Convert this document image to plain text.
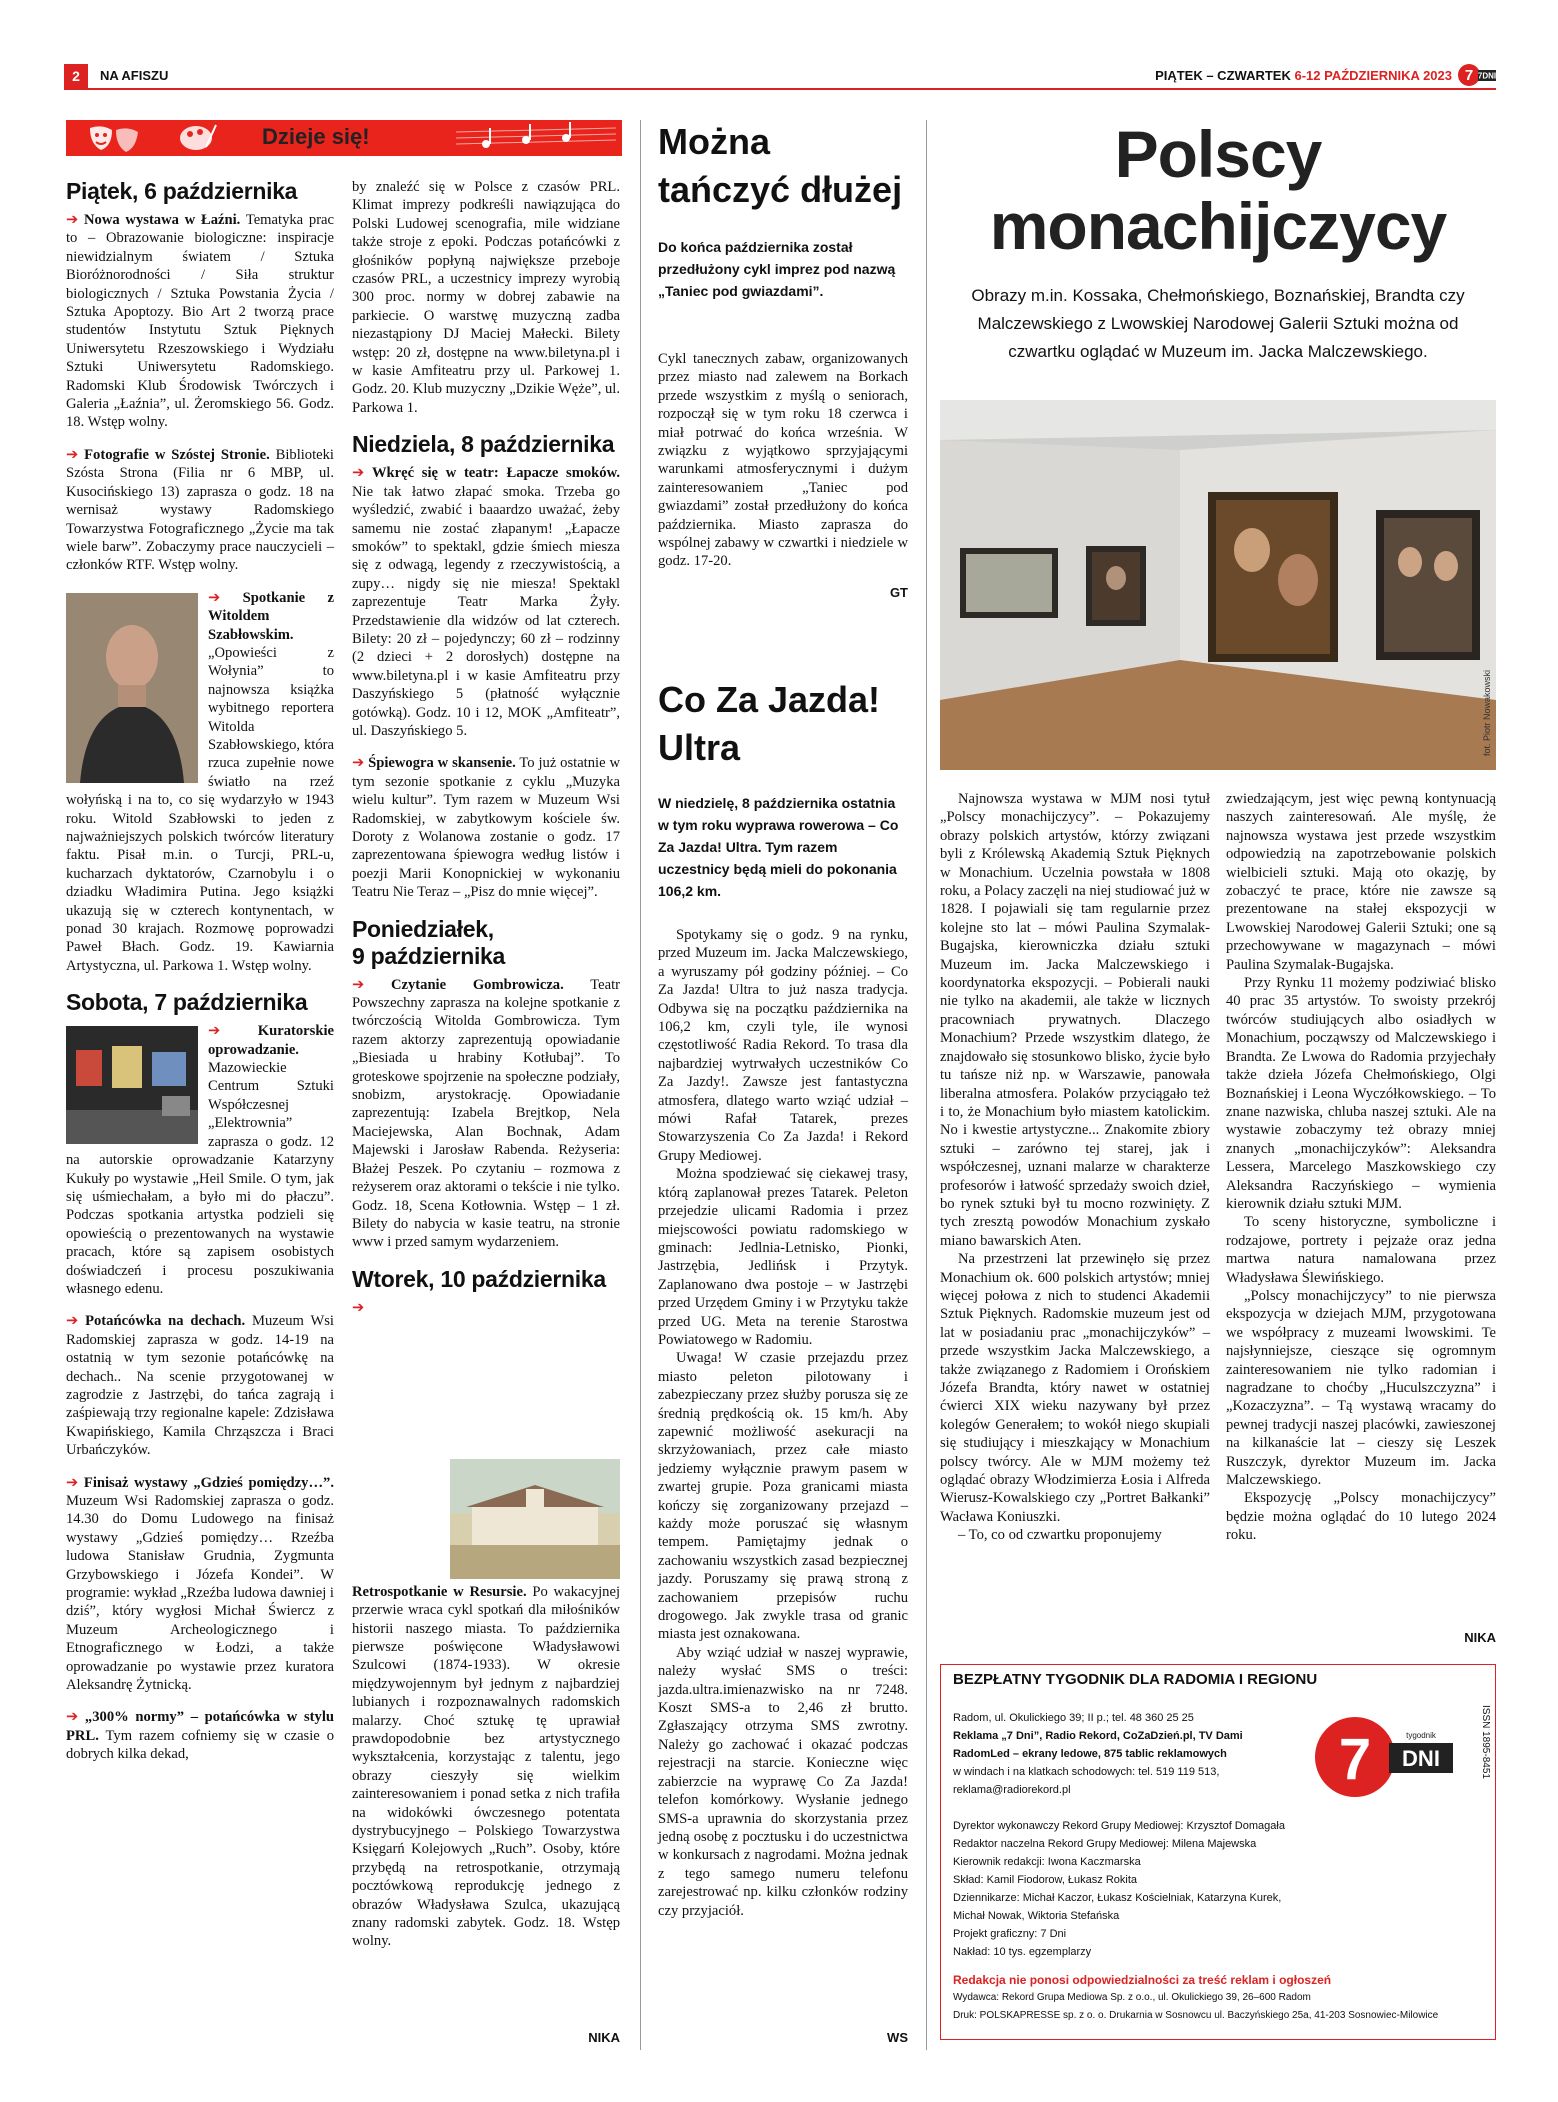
2	NA AFISZU	PIĄTEK – CZWARTEK 6-12 PAŹDZIERNIKA 2023 7 7DNI
Dzieje się!
Piątek, 6 października

➔ Nowa wystawa w Łaźni. Tematyka prac to – Obrazowanie biologiczne: inspiracje niewidzialnym światem / Sztuka Bioróżnorodności / Siła struktur biologicznych / Sztuka Powstania Życia / Sztuka Apoptozy. Bio Art 2 tworzą prace studentów Instytutu Sztuk Pięknych Uniwersytetu Rzeszowskiego i Wydziału Sztuki Uniwersytetu Radomskiego. Radomski Klub Środowisk Twórczych i Galeria „Łaźnia”, ul. Żeromskiego 56. Godz. 18. Wstęp wolny.

➔ Fotografie w Szóstej Stronie. Biblioteki Szósta Strona (Filia nr 6 MBP, ul. Kusocińskiego 13) zaprasza o godz. 18 na wernisaż wystawy Radomskiego Towarzystwa Fotograficznego „Życie ma tak wiele barw”. Zobaczymy prace nauczycieli – członków RTF. Wstęp wolny.

➔ Spotkanie z Witoldem Szabłowskim. „Opowieści z Wołynia” to najnowsza książka wybitnego reportera Witolda Szabłowskiego, która rzuca zupełnie nowe światło na rzeź wołyńską i na to, co się wydarzyło w 1943 roku. Witold Szabłowski to jeden z najważniejszych polskich twórców literatury faktu. Pisał m.in. o Turcji, PRL-u, kucharzach dyktatorów, Czarnobylu i o dziadku Władimira Putina. Jego książki ukazują się w czterech kontynentach, w ponad 30 krajach. Rozmowę poprowadzi Paweł Błach. Godz. 19. Kawiarnia Artystyczna, ul. Parkowa 1. Wstęp wolny.

Sobota, 7 października

➔	Kuratorskie oprowadzanie. Mazowieckie Centrum Sztuki Współczesnej „Elektrownia” zaprasza o godz. 12 na autorskie oprowadzanie Katarzyny Kukuły po wystawie „Heil Smile. O tym, jak się uśmiechałam, a było mi do płaczu”. Podczas spotkania artystka podzieli się opowieścią o prezentowanych na wystawie pracach, które są zapisem osobistych doświadczeń i procesu poszukiwania własnego edenu.

➔ Potańcówka na dechach. Muzeum Wsi Radomskiej zaprasza w godz. 14-19 na ostatnią w tym sezonie potańcówkę na dechach.. Na scenie przygotowanej w zagrodzie z Jastrzębi, do tańca zagrają i zaśpiewają trzy regionalne kapele: Zdzisława Kwapińskiego, Kamila Chrząszcza i Braci Urbańczyków.

➔ Finisaż wystawy „Gdzieś pomiędzy…”. Muzeum Wsi Radomskiej zaprasza o godz. 14.30 do Domu Ludowego na finisaż wystawy „Gdzieś pomiędzy… Rzeźba ludowa Stanisław Grudnia, Zygmunta Grzybowskiego i Józefa Kondei”. W programie: wykład „Rzeźba ludowa dawniej i dziś”, który wygłosi Michał Świercz z Muzeum Archeologicznego i Etnograficznego w Łodzi, a także oprowadzanie po wystawie przez kuratora Aleksandrę Żytnicką.

➔ „300% normy” – potańcówka w stylu PRL. Tym razem cofniemy się w czasie o dobrych kilka dekad,

by znaleźć się w Polsce z czasów PRL. Klimat imprezy podkreśli nawiązująca do Polski Ludowej scenografia, mile widziane także stroje z epoki. Podczas potańcówki z głośników popłyną największe przeboje czasów PRL, a uczestnicy imprezy wyrobią 300 proc. normy w dobrej zabawie na parkiecie. O warstwę muzyczną zadba niezastąpiony DJ Maciej Małecki. Bilety wstęp: 20 zł, dostępne na www.biletyna.pl i w kasie Amfiteatru przy ul. Parkowej 1. Godz. 20. Klub muzyczny „Dzikie Węże”, ul. Parkowa 1.

Niedziela, 8 października

➔ Wkręć się w teatr: Łapacze smoków. Nie tak łatwo złapać smoka. Trzeba go wyśledzić, zwabić i baaardzo uważać, żeby samemu nie zostać złapanym! „Łapacze smoków” to spektakl, gdzie śmiech miesza się z odwagą, legendy z rzeczywistością, a zupy… nigdy się nie miesza! Spektakl zaprezentuje Teatr Marka Żyły. Przedstawienie dla widzów od lat czterech. Bilety: 20 zł – pojedynczy; 60 zł – rodzinny (2 dzieci + 2 dorosłych) dostępne na www.biletyna.pl i w kasie Amfiteatru przy Daszyńskiego 5 (płatność wyłącznie gotówką). Godz. 10 i 12, MOK „Amfiteatr”, ul. Daszyńskiego 5.

➔ Śpiewogra w skansenie. To już ostatnie w tym sezonie spotkanie z cyklu „Muzyka wielu kultur”. Tym razem w Muzeum Wsi Radomskiej, w zabytkowym kościele św. Doroty z Wolanowa zostanie o godz. 17 zaprezentowana śpiewogra według listów i poezji Marii Konopnickiej w wykonaniu Teatru Nie Teraz – „Pisz do mnie więcej”.

Poniedziałek,
9 października

➔ Czytanie Gombrowicza. Teatr Powszechny zaprasza na kolejne spotkanie z twórczością Witolda Gombrowicza. Tym razem aktorzy zaprezentują opowiadanie „Biesiada u hrabiny Kotłubaj”. To groteskowe spojrzenie na społeczne podziały, snobizm, arystokrację. Opowiadanie zaprezentują: Izabela Brejtkop, Nela Maciejewska, Alan Bochnak, Adam Majewski i Jarosław Rabenda. Reżyseria: Błażej Peszek. Po czytaniu – rozmowa z reżyserem oraz aktorami o tekście i nie tylko. Godz. 18, Scena Kotłownia. Wstęp – 1 zł. Bilety do nabycia w kasie teatru, na stronie www i przed samym wydarzeniem.

Wtorek, 10 października

➔ Retrospotkanie w Resursie. Po wakacyjnej przerwie wraca cykl spotkań dla miłośników historii naszego miasta. To października pierwsze poświęcone Władysławowi Szulcowi (1874-1933). W okresie międzywojennym był jednym z najbardziej lubianych i rozpoznawalnych radomskich malarzy. Choć sztukę tę uprawiał prawdopodobnie bez artystycznego wykształcenia, korzystając z talentu, jego obrazy cieszyły się wielkim zainteresowaniem i ponad setka z nich trafiła na widokówki ówczesnego potentata dystrybucyjnego – Polskiego Towarzystwa Księgarń Kolejowych „Ruch”. Osoby, które przybędą na retrospotkanie, otrzymają pocztówkową reprodukcję jednego z obrazów Władysława Szulca, ukazującą znany radomski zabytek. Godz. 18. Wstęp wolny.

NIKA
Można tańczyć dłużej
Do końca października został przedłużony cykl imprez pod nazwą „Taniec pod gwiazdami”.
Cykl tanecznych zabaw, organizowanych przez miasto nad zalewem na Borkach przede wszystkim z myślą o seniorach, rozpoczął się w tym roku 18 czerwca i miał potrwać do końca września. W związku z wyjątkowo sprzyjającymi warunkami atmosferycznymi i dużym zainteresowaniem „Taniec pod gwiazdami” został przedłużony do końca października. Miasto zaprasza do wspólnej zabawy w czwartki i niedziele w godz. 17-20.
GT
Co Za Jazda! Ultra
W niedzielę, 8 października ostatnia w tym roku wyprawa rowerowa – Co Za Jazda! Ultra. Tym razem uczestnicy będą mieli do pokonania 106,2 km.

Spotykamy się o godz. 9 na rynku, przed Muzeum im. Jacka Malczewskiego, a wyruszamy pół godziny później. – Co Za Jazda! Ultra to już nasza tradycja. Odbywa się na początku października na 106,2 km, czyli tyle, ile wynosi częstotliwość Radia Rekord. To trasa dla najbardziej wytrwałych uczestników Co Za Jazdy!. Zawsze jest fantastyczna atmosfera, dlatego warto wziąć udział – mówi Rafał Tatarek, prezes Stowarzyszenia Co Za Jazda! i Rekord Grupy Mediowej.

Można spodziewać się ciekawej trasy, którą zaplanował prezes Tatarek. Peleton przejedzie ulicami Radomia i przez miejscowości powiatu radomskiego w gminach: Jedlnia-Letnisko, Pionki, Jastrzębia, Jedlińsk i Przytyk. Zaplanowano dwa postoje – w Jastrzębi przed Urzędem Gminy i w Przytyku także przed UG. Meta na terenie Starostwa Powiatowego w Radomiu.

Uwaga! W czasie przejazdu przez miasto peleton pilotowany i zabezpieczany przez służby porusza się ze średnią prędkością ok. 15 km/h. Aby zapewnić możliwość asekuracji na skrzyżowaniach, przez całe miasto jedziemy wyłącznie prawym pasem w zwartej grupie. Poza granicami miasta kończy się zorganizowany przejazd – każdy może poruszać się własnym tempem. Pamiętajmy jednak o zachowaniu wszystkich zasad bezpiecznej jazdy. Poruszamy się prawą stroną z zachowaniem przepisów ruchu drogowego. Jak zwykle trasa od granic miasta jest oznakowana.

Aby wziąć udział w naszej wyprawie, należy wysłać SMS o treści: jazda.ultra.imienazwisko na nr 7248. Koszt SMS-a to 2,46 zł brutto. Zgłaszający otrzyma SMS zwrotny. Należy go zachować i okazać podczas rejestracji na starcie. Konieczne więc zabierzcie na wyprawę Co Za Jazda! telefon komórkowy. Wysłanie jednego SMS-a uprawnia do skorzystania przez jedną osobę z pocztusku i do uczestnictwa w konkursach z nagrodami. Można jednak z tego samego numeru telefonu zarejestrować np. kilku członków rodziny czy przyjaciół.

WS
Polscy
monachijczycy
Obrazy m.in. Kossaka, Chełmońskiego, Boznańskiej, Brandta czy Malczewskiego z Lwowskiej Narodowej Galerii Sztuki można od czwartku oglądać w Muzeum im. Jacka Malczewskiego.
fot. Piotr Nowakowski

Najnowsza wystawa w MJM nosi tytuł „Polscy monachijczycy”. – Pokazujemy obrazy polskich artystów, którzy związani byli z Królewską Akademią Sztuk Pięknych w Monachium. Uczelnia powstała w 1808 roku, a Polacy zaczęli na niej studiować już w 1828. I pojawiali się tam regularnie przez kolejne sto lat – mówi Paulina Szymalak-Bugajska, kierowniczka działu sztuki Muzeum im. Jacka Malczewskiego i koordynatorka ekspozycji. – Pobierali nauki nie tylko na akademii, ale także w licznych pracowniach prywatnych. Dlaczego Monachium? Przede wszystkim dlatego, że znajdowało się stosunkowo blisko, życie było tu tańsze niż np. w Warszawie, panowała liberalna atmosfera. Polaków przyciągało też i to, że Monachium było miastem katolickim. No i kwestie artystyczne... Znakomite zbiory sztuki – zarówno tej starej, jak i współczesnej, uznani malarze w charakterze profesorów i łatwość sprzedaży swoich dzieł, bo rynek sztuki był tu mocno rozwinięty. Z tych zresztą powodów Monachium zyskało miano bawarskich Aten.

Na przestrzeni lat przewinęło się przez Monachium ok. 600 polskich artystów; mniej więcej połowa z nich to studenci Akademii Sztuk Pięknych. Radomskie muzeum jest od lat w posiadaniu prac „monachijczyków” – przede wszystkim Jacka Malczewskiego, a także związanego z Radomiem i Orońskiem Józefa Brandta, który nawet w ostatniej ćwierci XIX wieku nazywany był przez kolegów Generałem; to wokół niego skupiali się studiujący i mieszkający w Monachium polscy twórcy. Ale w MJM możemy też oglądać obrazy Włodzimierza Łosia i Alfreda Wierusz-Kowalskiego czy „Portret Bałkanki” Wacława Koniuszki.

– To, co od czwartku proponujemy

zwiedzającym, jest więc pewną kontynuacją naszych zainteresowań. Ale myślę, że najnowsza wystawa jest przede wszystkim odpowiedzią na zapotrzebowanie polskich wielbicieli sztuki. Mają oto okazję, by zobaczyć te prace, które nie zawsze są prezentowane na stałej ekspozycji w Lwowskiej Narodowej Galerii Sztuki; one są przechowywane w magazynach – mówi Paulina Szymalak-Bugajska.

Przy Rynku 11 możemy podziwiać blisko 40 prac 35 artystów. To swoisty przekrój twórców studiujących albo osiadłych w Monachium, począwszy od Malczewskiego i Brandta. Ze Lwowa do Radomia przyjechały także dzieła Józefa Chełmońskiego, Olgi Boznańskiej i Leona Wyczółkowskiego. – To znane nazwiska, chluba naszej sztuki. Ale na wystawie zobaczymy też obrazy mniej znanych „monachijczyków”: Aleksandra Lessera, Marcelego Maszkowskiego czy Aleksandra Raczyńskiego – wymienia kierownik działu sztuki MJM.

To sceny historyczne, symboliczne i rodzajowe, portrety i pejzaże oraz jedna martwa natura namalowana przez Władysława Ślewińskiego.

„Polscy monachijczycy” to nie pierwsza ekspozycja w dziejach MJM, przygotowana we współpracy z muzeami lwowskimi. Te najsłynniejsze, cieszące się ogromnym zainteresowaniem nie tylko radomian i nagradzane to choćby „Huculszczyzna” i „Kozaczyzna”. – Tą wystawą wracamy do pewnej tradycji naszej placówki, zawieszonej na kilkanaście lat – cieszy się Leszek Ruszczyk, dyrektor Muzeum im. Jacka Malczewskiego.

Ekspozycję „Polscy monachijczycy” będzie można oglądać do 10 lutego 2024 roku.

NIKA
BEZPŁATNY TYGODNIK DLA RADOMIA I REGIONU
Radom, ul. Okulickiego 39; II p.; tel. 48 360 25 25
Reklama „7 Dni”, Radio Rekord, CoZaDzień.pl, TV Dami
RadomLed – ekrany ledowe, 875 tablic reklamowych
w windach i na klatkach schodowych: tel. 519 119 513,
reklama@radiorekord.pl	7	tygodnik
DNI	ISSN 1895-8451
Dyrektor wykonawczy Rekord Grupy Mediowej: Krzysztof Domagała
Redaktor naczelna Rekord Grupy Mediowej: Milena Majewska
Kierownik redakcji: Iwona Kaczmarska
Skład: Kamil Fiodorow, Łukasz Rokita
Dziennikarze: Michał Kaczor, Łukasz Kościelniak, Katarzyna Kurek,
Michał Nowak, Wiktoria Stefańska
Projekt graficzny: 7 Dni
Nakład: 10 tys. egzemplarzy
Redakcja nie ponosi odpowiedzialności za treść reklam i ogłoszeń
Wydawca: Rekord Grupa Mediowa Sp. z o.o., ul. Okulickiego 39, 26–600 Radom
Druk: POLSKAPRESSE sp. z o. o. Drukarnia w Sosnowcu ul. Baczyńskiego 25a, 41-203 Sosnowiec-Milowice
